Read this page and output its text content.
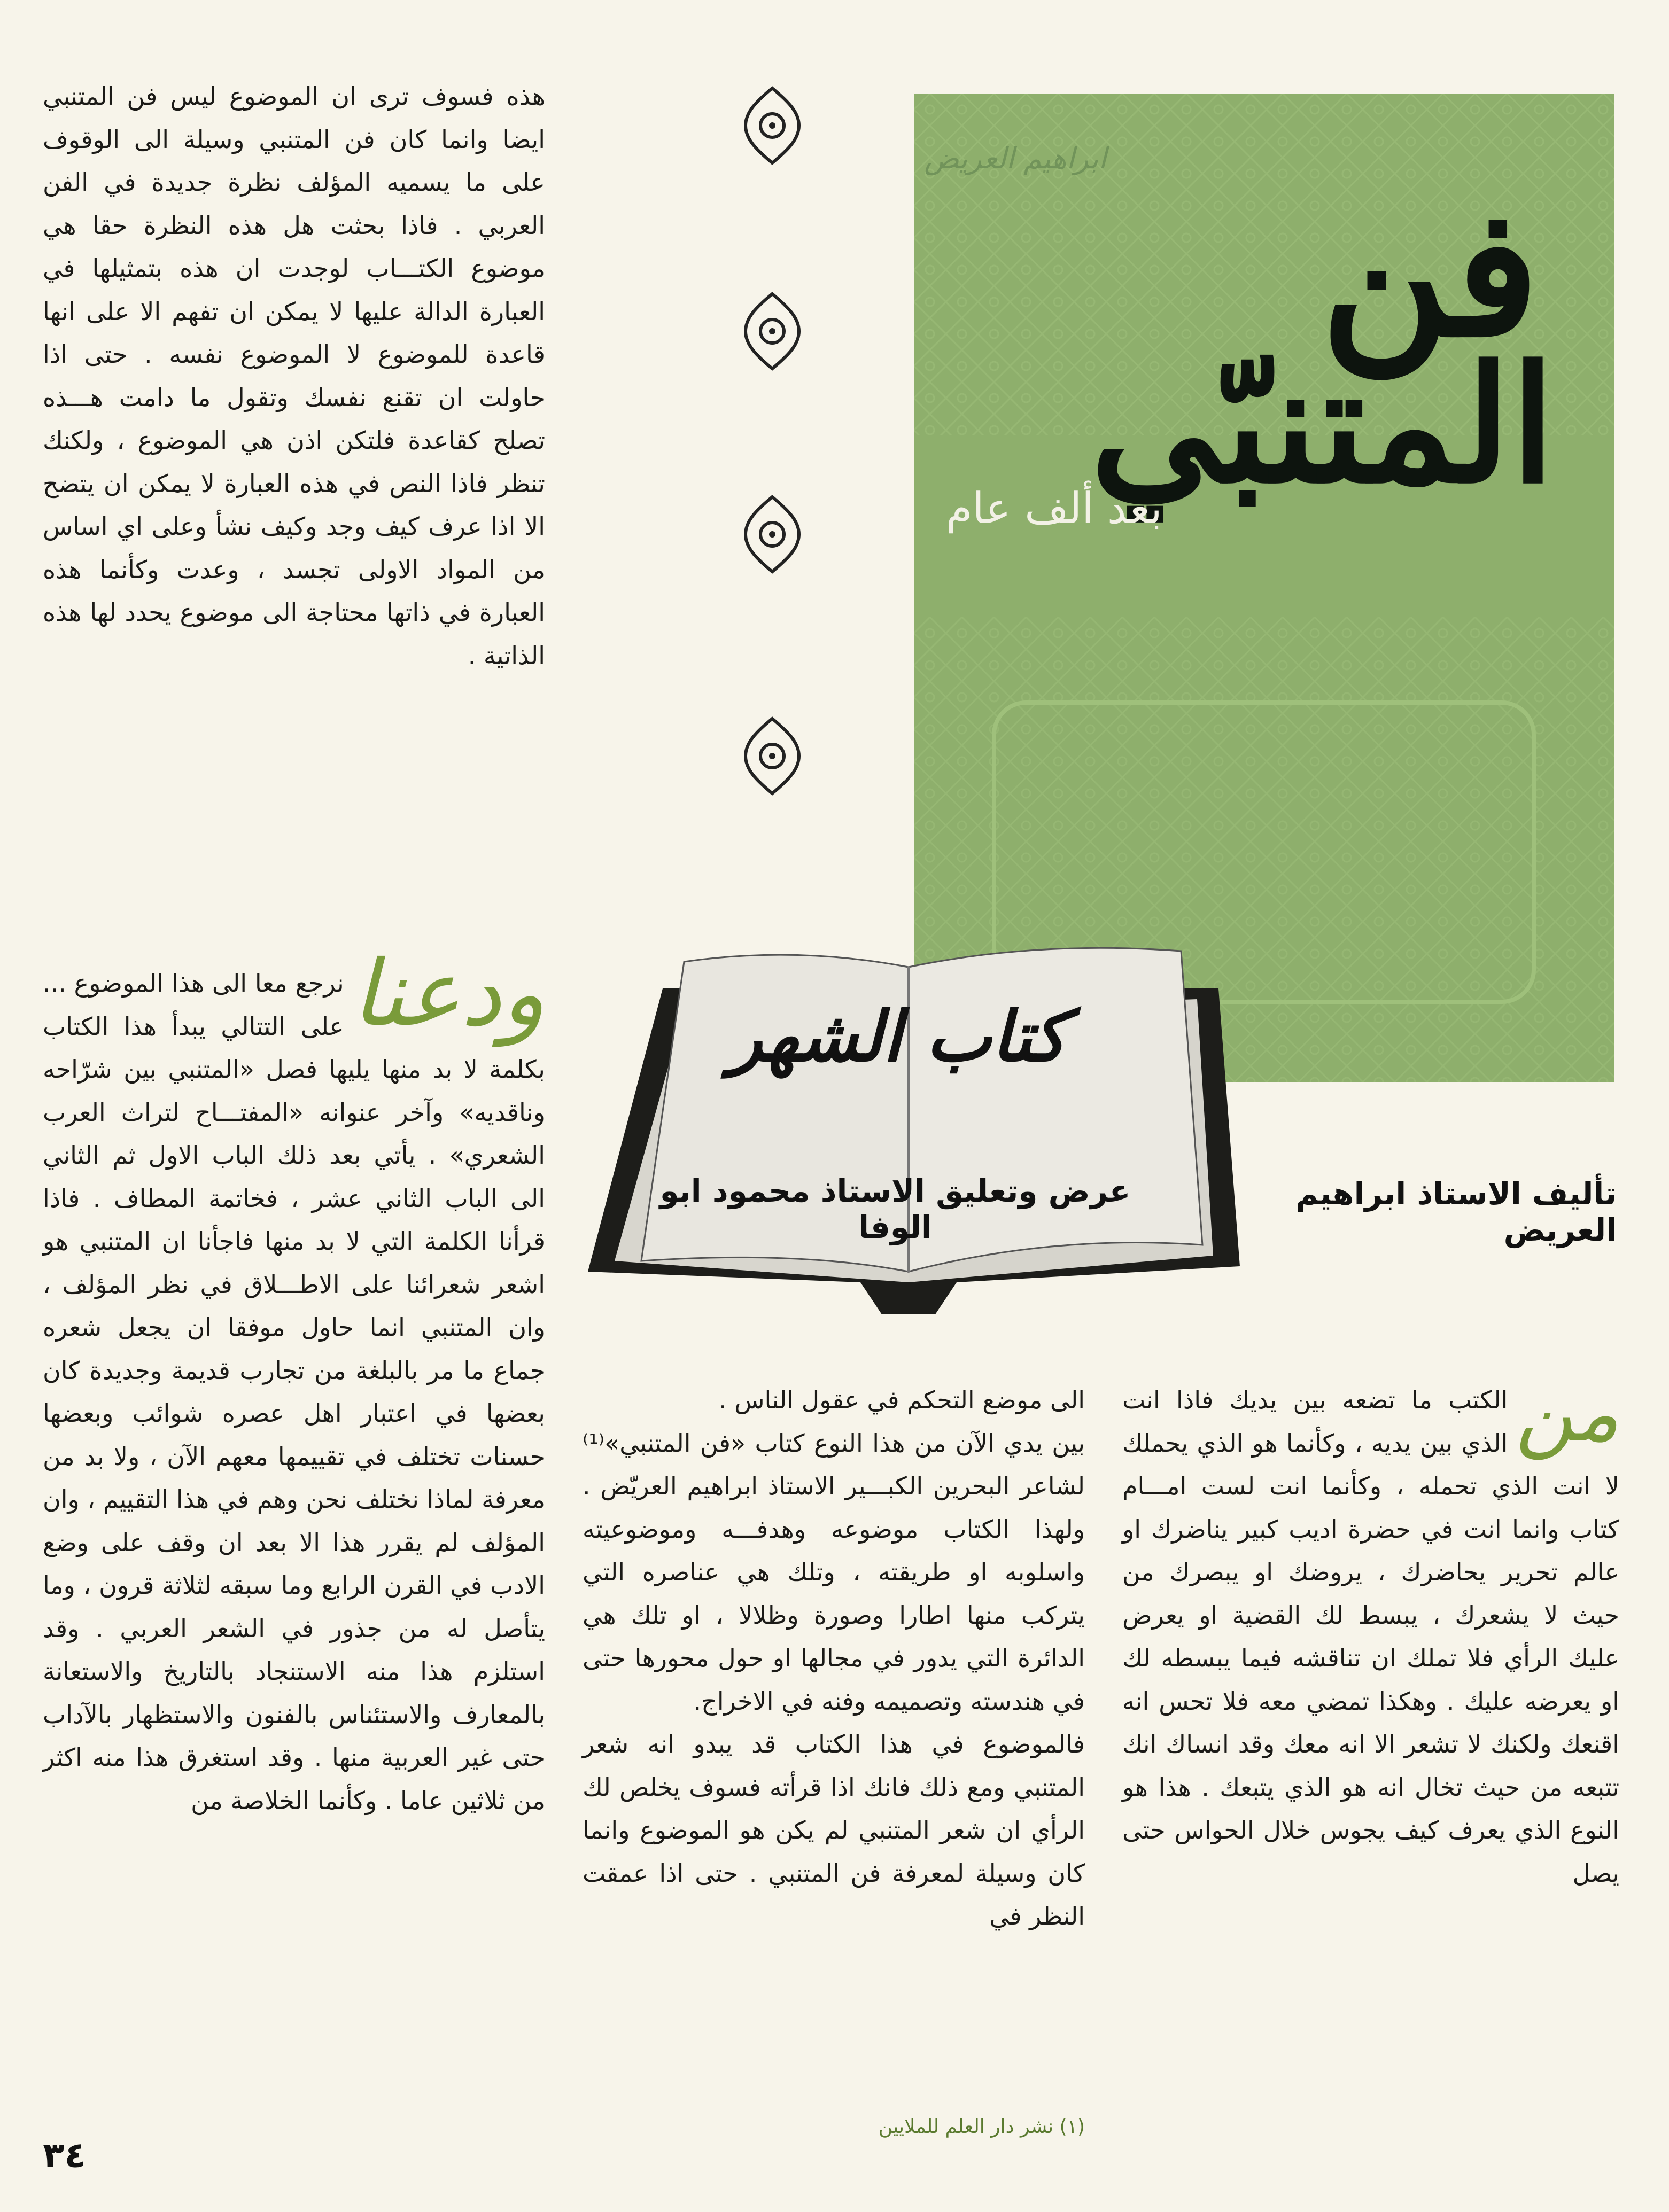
ابراهيم العريض
فن
المتنبّي
بعد ألف عام
كتاب الشهر
عرض وتعليق الاستاذ محمود ابو الوفا
تأليف الاستاذ ابراهيم العريض

هذه فسوف ترى ان الموضوع ليس فن المتنبي ايضا وانما كان فن المتنبي وسيلة الى الوقوف على ما يسميه المؤلف نظرة جديدة في الفن العربي . فاذا بحثت هل هذه النظرة حقا هي موضوع الكتـــاب لوجدت ان هذه بتمثيلها في العبارة الدالة عليها لا يمكن ان تفهم الا على انها قاعدة للموضوع لا الموضوع نفسه . حتى اذا حاولت ان تقنع نفسك وتقول ما دامت هـــذه تصلح كقاعدة فلتكن اذن هي الموضوع ، ولكنك تنظر فاذا النص في هذه العبارة لا يمكن ان يتضح الا اذا عرف كيف وجد وكيف نشأ وعلى اي اساس من المواد الاولى تجسد ، وعدت وكأنما هذه العبارة في ذاتها محتاجة الى موضوع يحدد لها هذه الذاتية .

ودعنا

نرجع معا الى هذا الموضوع ... على التتالي يبدأ هذا الكتاب بكلمة لا بد منها يليها فصل «المتنبي بين شرّاحه وناقديه» وآخر عنوانه «المفتـــاح لتراث العرب الشعري» . يأتي بعد ذلك الباب الاول ثم الثاني الى الباب الثاني عشر ، فخاتمة المطاف . فاذا قرأنا الكلمة التي لا بد منها فاجأنا ان المتنبي هو اشعر شعرائنا على الاطـــلاق في نظر المؤلف ، وان المتنبي انما حاول موفقا ان يجعل شعره جماع ما مر بالبلغة من تجارب قديمة وجديدة كان بعضها في اعتبار اهل عصره شوائب وبعضها حسنات تختلف في تقييمها معهم الآن ، ولا بد من معرفة لماذا نختلف نحن وهم في هذا التقييم ، وان المؤلف لم يقرر هذا الا بعد ان وقف على وضع الادب في القرن الرابع وما سبقه لثلاثة قرون ، وما يتأصل له من جذور في الشعر العربي . وقد استلزم هذا منه الاستنجاد بالتاريخ والاستعانة بالمعارف والاستئناس بالفنون والاستظهار بالآداب حتى غير العربية منها . وقد استغرق هذا منه اكثر من ثلاثين عاما . وكأنما الخلاصة من

الى موضع التحكم في عقول الناس .

بين يدي الآن من هذا النوع كتاب «فن المتنبي»⁽¹⁾ لشاعر البحرين الكبـــير الاستاذ ابراهيم العريّض . ولهذا الكتاب موضوعه وهدفـــه وموضوعيته واسلوبه او طريقته ، وتلك هي عناصره التي يتركب منها اطارا وصورة وظلالا ، او تلك هي الدائرة التي يدور في مجالها او حول محورها حتى في هندسته وتصميمه وفنه في الاخراج.

فالموضوع في هذا الكتاب قد يبدو انه شعر المتنبي ومع ذلك فانك اذا قرأته فسوف يخلص لك الرأي ان شعر المتنبي لم يكن هو الموضوع وانما كان وسيلة لمعرفة فن المتنبي . حتى اذا عمقت النظر في

من

الكتب ما تضعه بين يديك فاذا انت الذي بين يديه ، وكأنما هو الذي يحملك لا انت الذي تحمله ، وكأنما انت لست امـــام كتاب وانما انت في حضرة اديب كبير يناضرك او عالم تحرير يحاضرك ، يروضك او يبصرك من حيث لا يشعرك ، يبسط لك القضية او يعرض عليك الرأي فلا تملك ان تناقشه فيما يبسطه لك او يعرضه عليك . وهكذا تمضي معه فلا تحس انه اقنعك ولكنك لا تشعر الا انه معك وقد انساك انك تتبعه من حيث تخال انه هو الذي يتبعك . هذا هو النوع الذي يعرف كيف يجوس خلال الحواس حتى يصل

(١) نشر دار العلم للملايين
٣٤
